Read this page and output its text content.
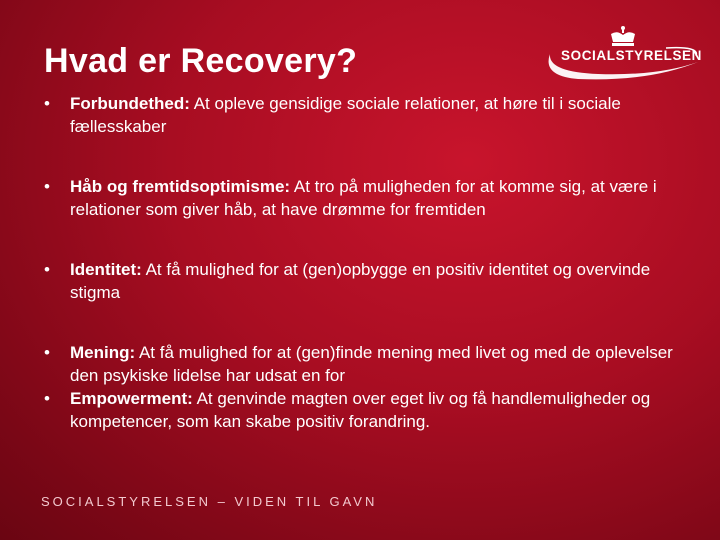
Hvad er Recovery?	SOCIALSTYRELSEN
• Forbundethed: At opleve gensidige sociale relationer, at høre til i sociale fællesskaber
• Håb og fremtidsoptimisme: At tro på muligheden for at komme sig, at være i relationer som giver håb, at have drømme for fremtiden
• Identitet: At få mulighed for at (gen)opbygge en positiv identitet og overvinde stigma
• Mening: At få mulighed for at (gen)finde mening med livet og med de oplevelser den psykiske lidelse har udsat en for
• Empowerment: At genvinde magten over eget liv og få handlemuligheder og kompetencer, som kan skabe positiv forandring.
SOCIALSTYRELSEN – VIDEN TIL GAVN
